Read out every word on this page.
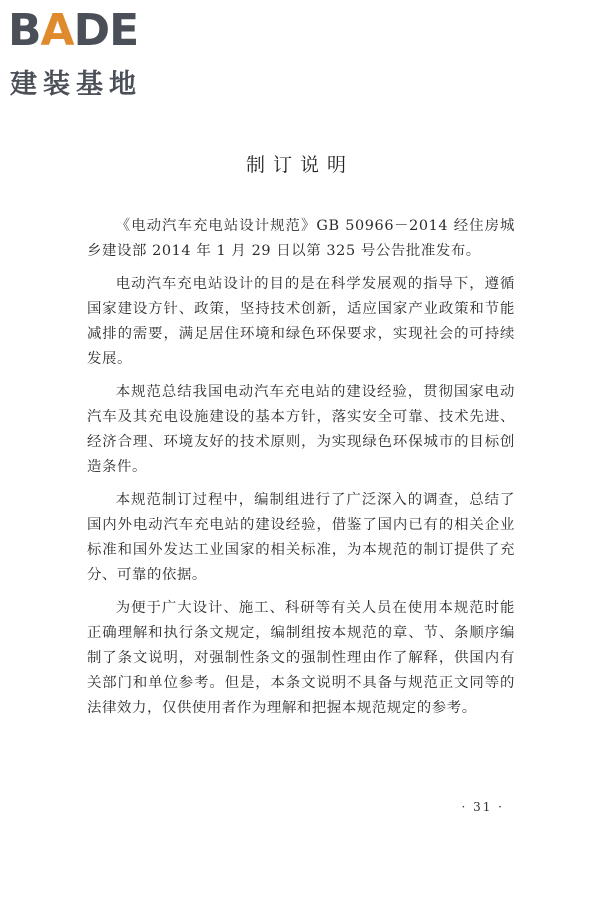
BADE
建装基地
制订说明

《电动汽车充电站设计规范》GB 50966－2014 经住房城乡建设部 2014 年 1 月 29 日以第 325 号公告批准发布。

电动汽车充电站设计的目的是在科学发展观的指导下，遵循国家建设方针、政策，坚持技术创新，适应国家产业政策和节能减排的需要，满足居住环境和绿色环保要求，实现社会的可持续发展。

本规范总结我国电动汽车充电站的建设经验，贯彻国家电动汽车及其充电设施建设的基本方针，落实安全可靠、技术先进、经济合理、环境友好的技术原则，为实现绿色环保城市的目标创造条件。

本规范制订过程中，编制组进行了广泛深入的调查，总结了国内外电动汽车充电站的建设经验，借鉴了国内已有的相关企业标准和国外发达工业国家的相关标准，为本规范的制订提供了充分、可靠的依据。

为便于广大设计、施工、科研等有关人员在使用本规范时能正确理解和执行条文规定，编制组按本规范的章、节、条顺序编制了条文说明，对强制性条文的强制性理由作了解释，供国内有关部门和单位参考。但是，本条文说明不具备与规范正文同等的法律效力，仅供使用者作为理解和把握本规范规定的参考。

· 31 ·
